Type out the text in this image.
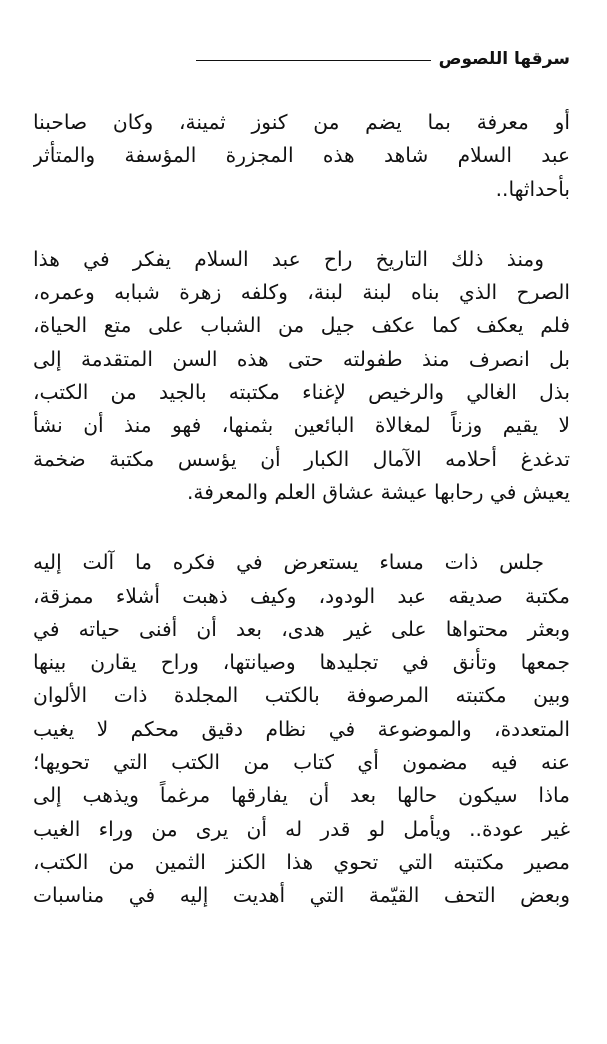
سرقها اللصوص
أو معرفة بما يضم من كنوز ثمينة، وكان صاحبنا
عبد السلام شاهد هذه المجزرة المؤسفة والمتأثر
بأحداثها..
ومنذ ذلك التاريخ راح عبد السلام يفكر في هذا
الصرح الذي بناه لبنة لبنة، وكلفه زهرة شبابه وعمره،
فلم يعكف كما عكف جيل من الشباب على متع الحياة،
بل انصرف منذ طفولته حتى هذه السن المتقدمة إلى
بذل الغالي والرخيص لإغناء مكتبته بالجيد من الكتب،
لا يقيم وزناً لمغالاة البائعين بثمنها، فهو منذ أن نشأ
تدغدغ أحلامه الآمال الكبار أن يؤسس مكتبة ضخمة
يعيش في رحابها عيشة عشاق العلم والمعرفة.
جلس ذات مساء يستعرض في فكره ما آلت إليه
مكتبة صديقه عبد الودود، وكيف ذهبت أشلاء ممزقة،
وبعثر محتواها على غير هدى، بعد أن أفنى حياته في
جمعها وتأنق في تجليدها وصيانتها، وراح يقارن بينها
وبين مكتبته المرصوفة بالكتب المجلدة ذات الألوان
المتعددة، والموضوعة في نظام دقيق محكم لا يغيب
عنه فيه مضمون أي كتاب من الكتب التي تحويها؛
ماذا سيكون حالها بعد أن يفارقها مرغماً ويذهب إلى
غير عودة.. ويأمل لو قدر له أن يرى من وراء الغيب
مصير مكتبته التي تحوي هذا الكنز الثمين من الكتب،
وبعض التحف القيّمة التي أهديت إليه في مناسبات
